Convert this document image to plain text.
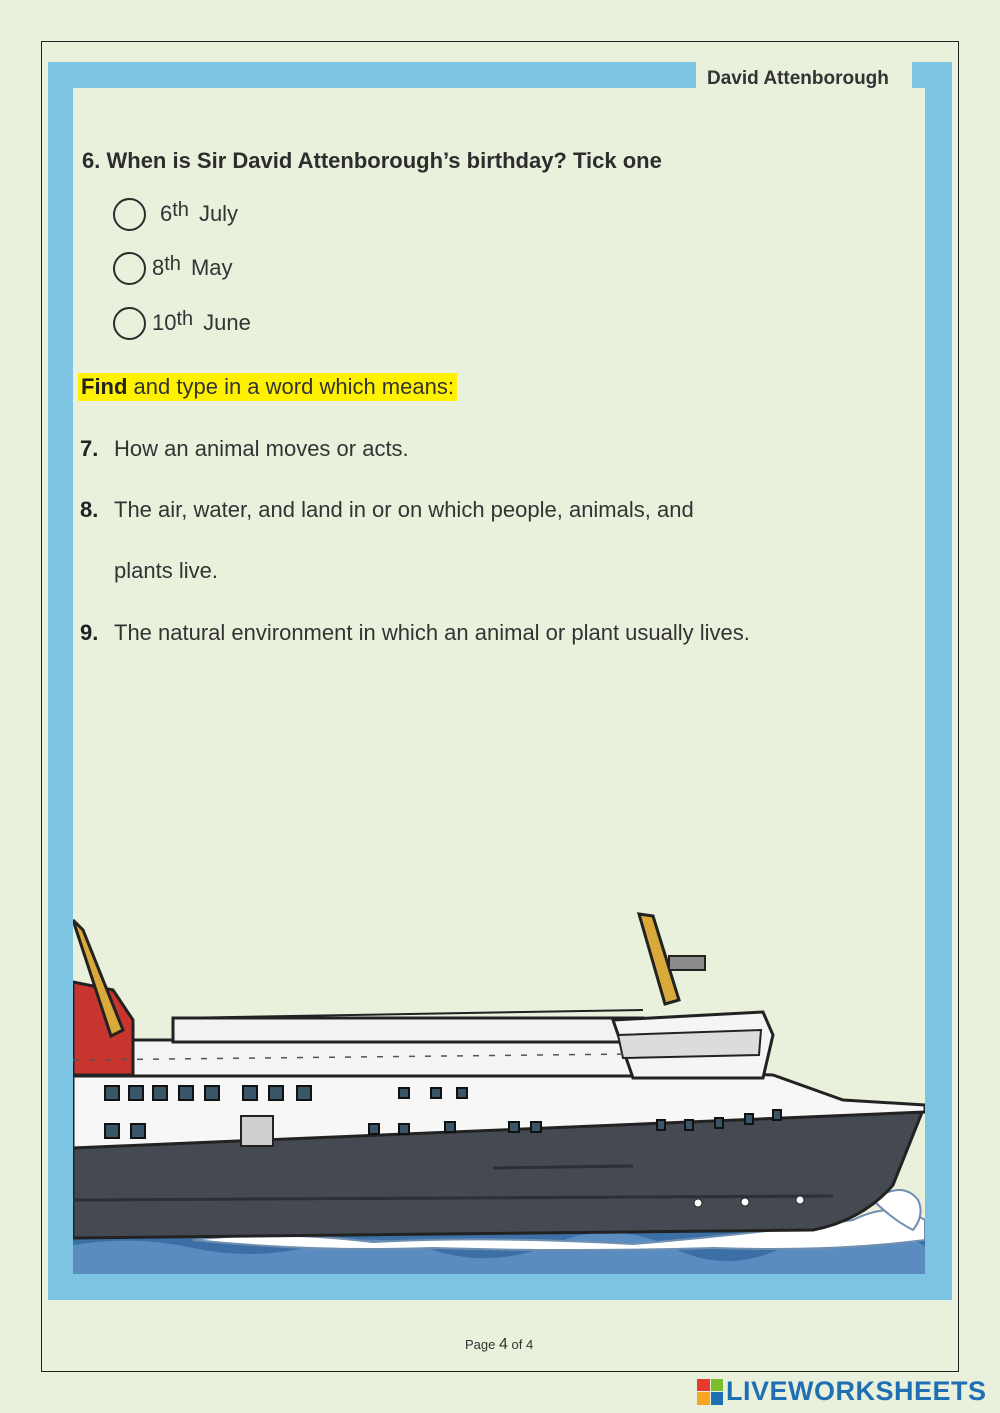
David Attenborough
6. When is Sir David Attenborough’s birthday? Tick one
6th July
8th May
10th June
Find and type in a word which means:
7. How an animal moves or acts.
8. The air, water, and land in or on which people, animals, and
plants live.
9. The natural environment in which an animal or plant usually lives.
Page 4 of 4
LIVEWORKSHEETS
